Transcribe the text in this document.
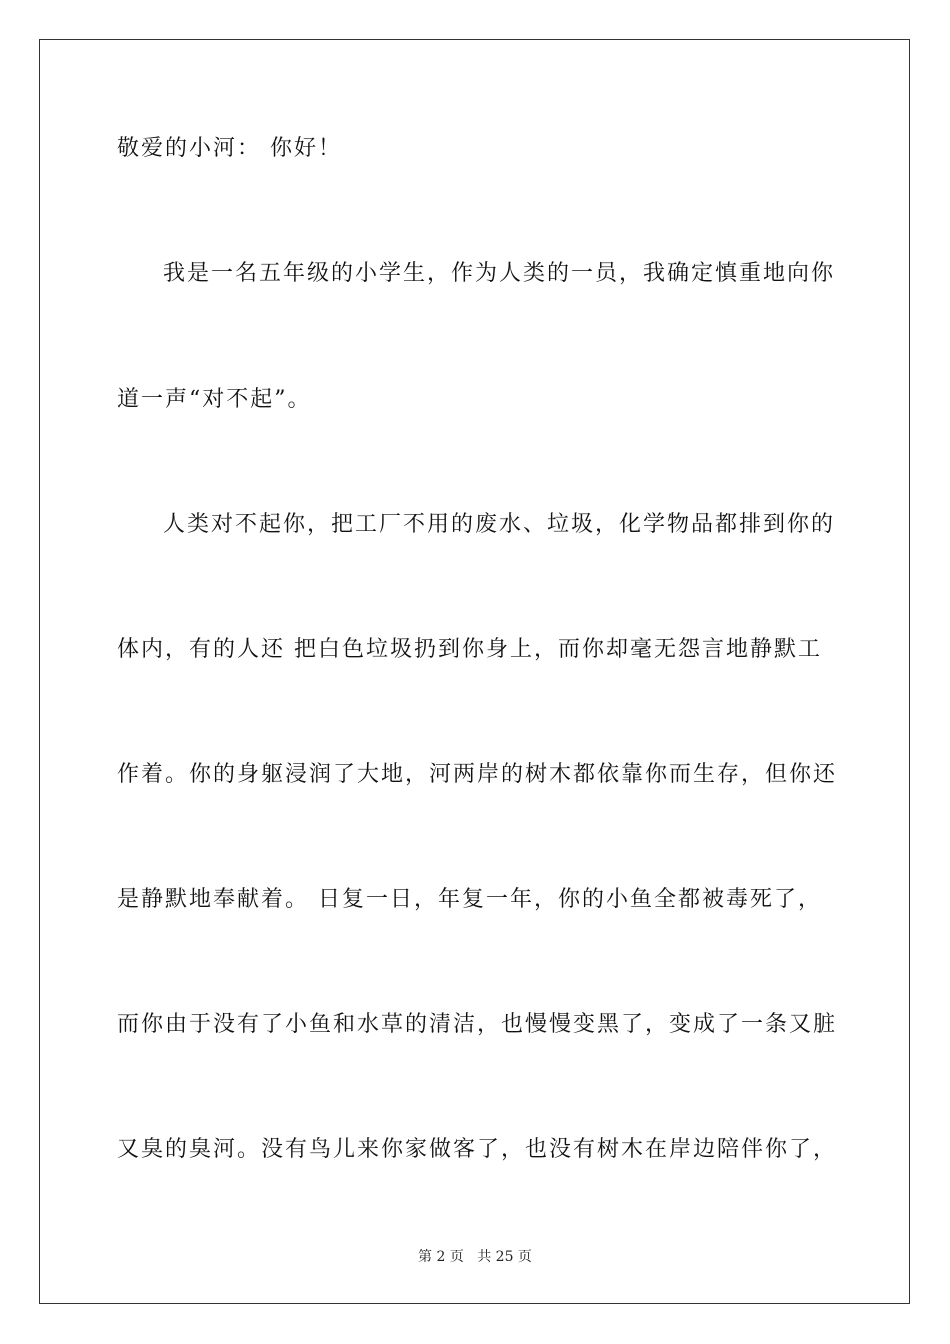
敬爱的小河： 你好！
我是一名五年级的小学生，作为人类的一员，我确定慎重地向你
道一声“对不起”。
人类对不起你，把工厂不用的废水、垃圾，化学物品都排到你的
体内，有的人还 把白色垃圾扔到你身上，而你却毫无怨言地静默工
作着。你的身躯浸润了大地，河两岸的树木都依靠你而生存，但你还
是静默地奉献着。 日复一日，年复一年，你的小鱼全都被毒死了，
而你由于没有了小鱼和水草的清洁，也慢慢变黑了，变成了一条又脏
又臭的臭河。没有鸟儿来你家做客了，也没有树木在岸边陪伴你了，
第 2 页 共 25 页
